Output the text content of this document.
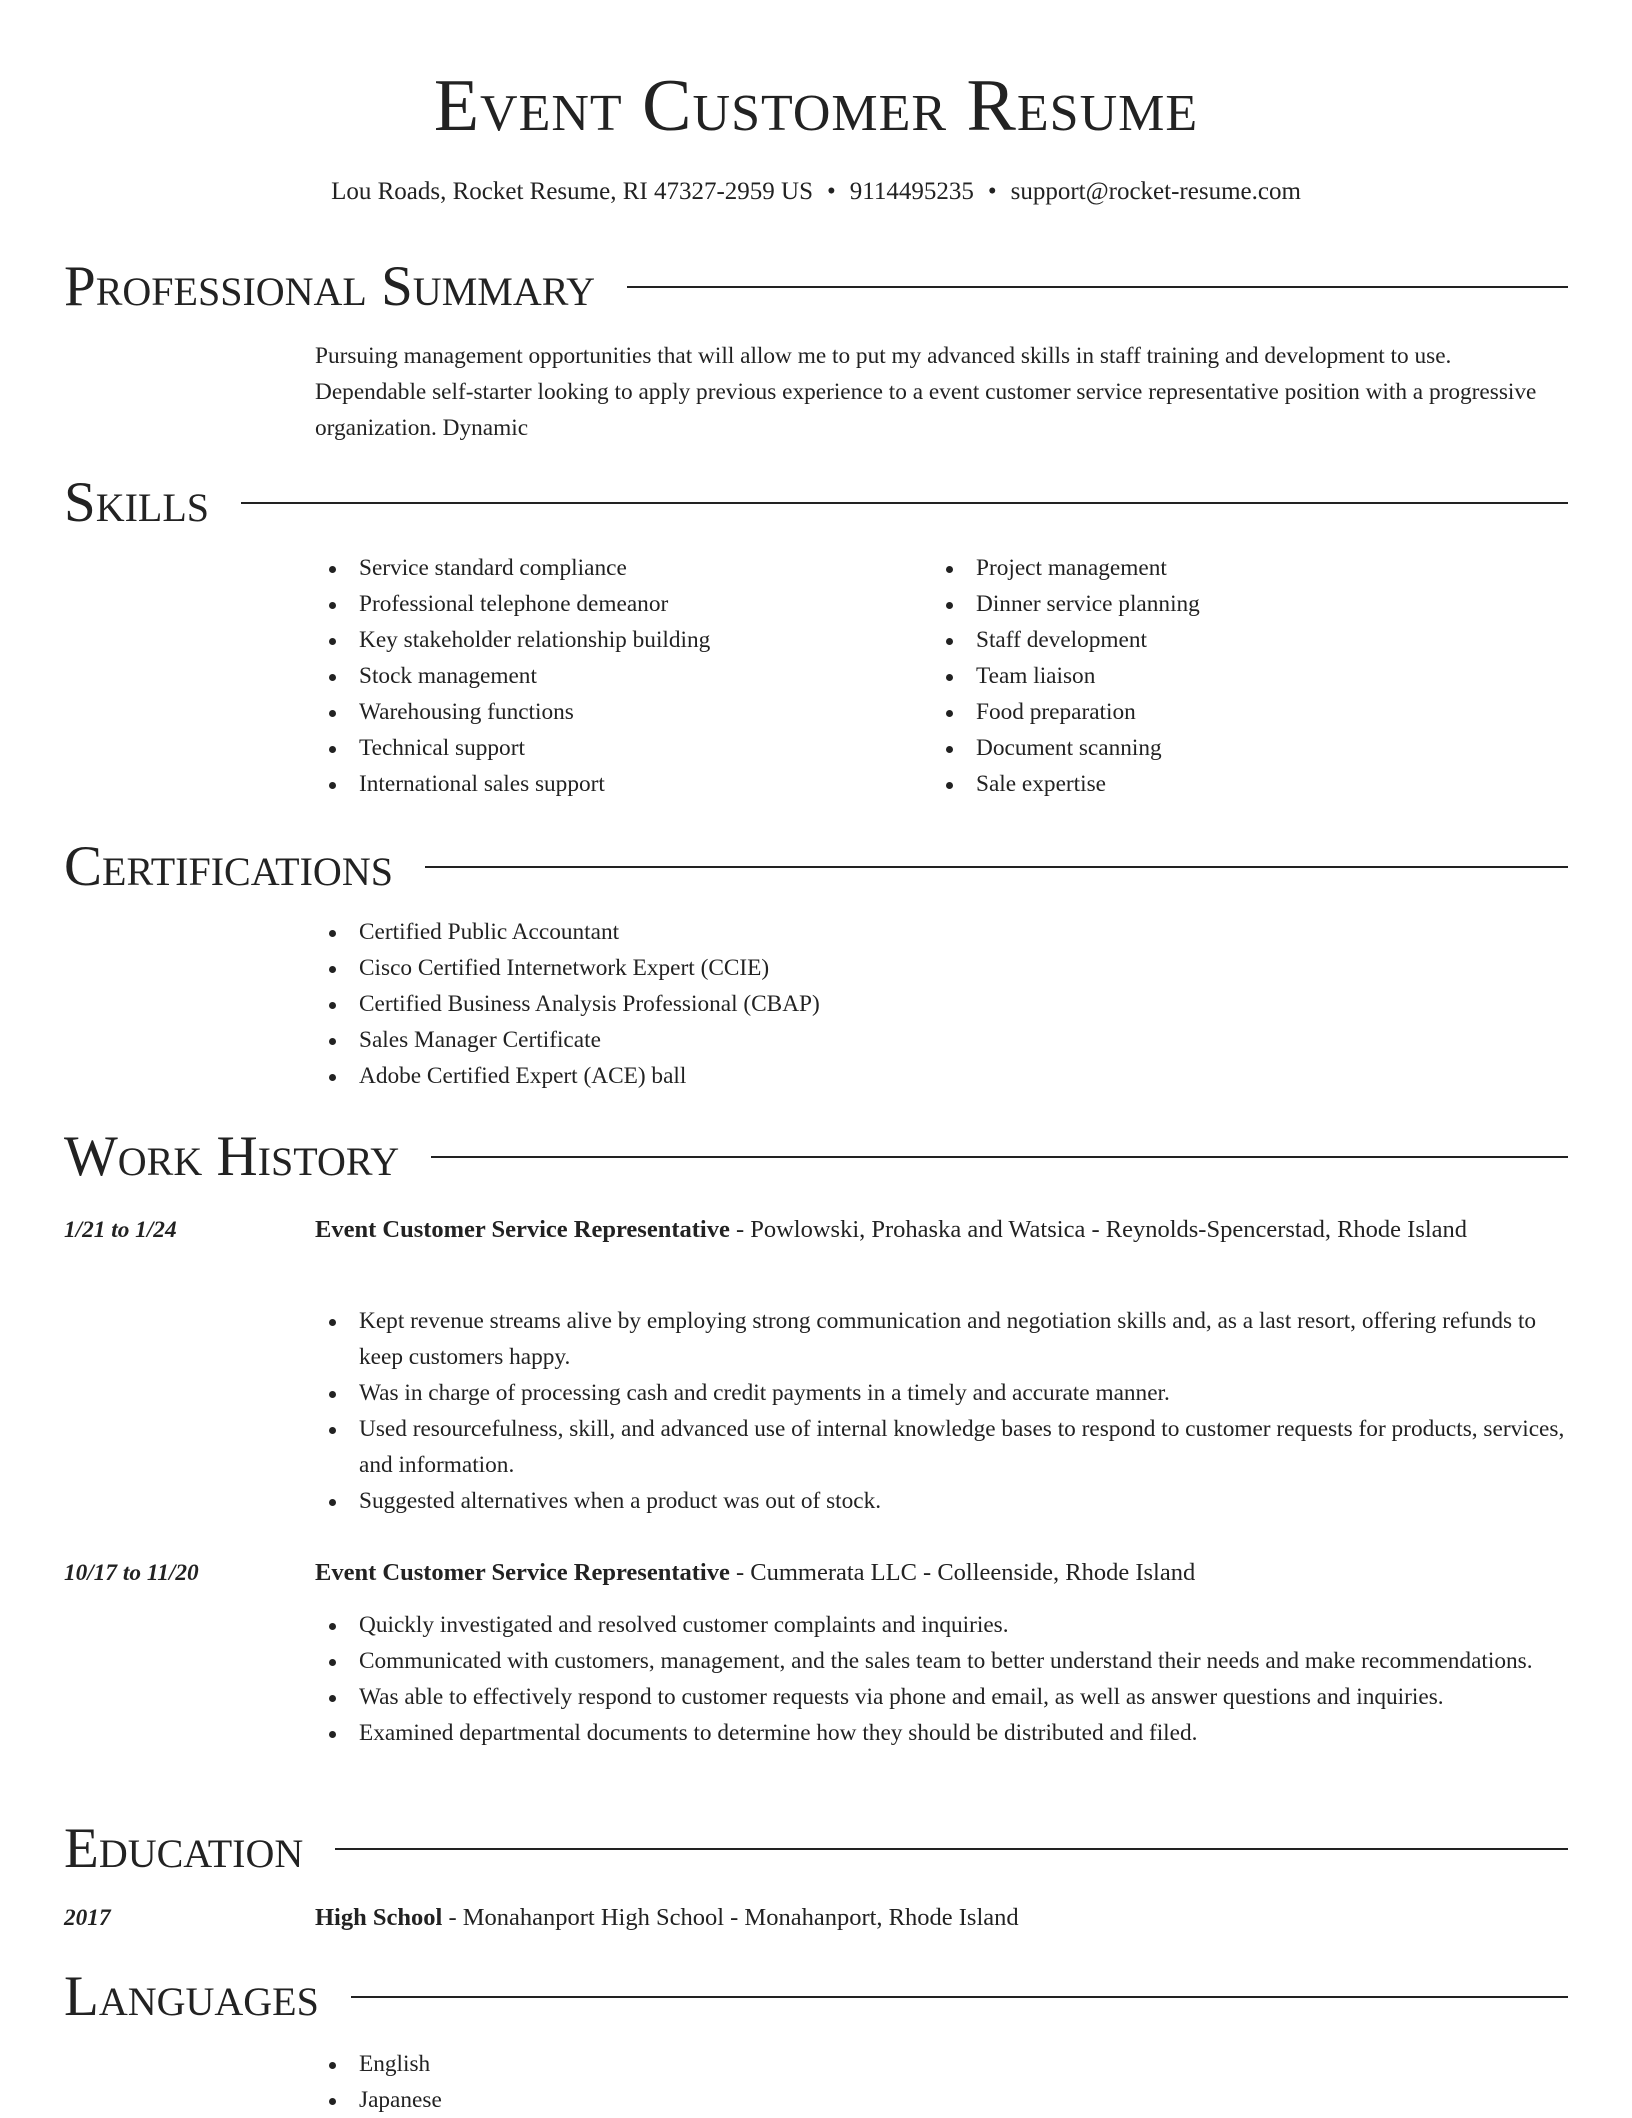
Event Customer Resume
Lou Roads, Rocket Resume, RI 47327-2959 US • 9114495235 • support@rocket-resume.com
Professional Summary

Pursuing management opportunities that will allow me to put my advanced skills in staff training and development to use. Dependable self-starter looking to apply previous experience to a event customer service representative position with a progressive organization. Dynamic

Skills
Service standard compliance
Professional telephone demeanor
Key stakeholder relationship building
Stock management
Warehousing functions
Technical support
International sales support
Project management
Dinner service planning
Staff development
Team liaison
Food preparation
Document scanning
Sale expertise
Certifications
Certified Public Accountant
Cisco Certified Internetwork Expert (CCIE)
Certified Business Analysis Professional (CBAP)
Sales Manager Certificate
Adobe Certified Expert (ACE) ball
Work History
1/21 to 1/24	Event Customer Service Representative - Powlowski, Prohaska and Watsica - Reynolds-Spencerstad, Rhode Island
Kept revenue streams alive by employing strong communication and negotiation skills and, as a last resort, offering refunds to keep customers happy.
Was in charge of processing cash and credit payments in a timely and accurate manner.
Used resourcefulness, skill, and advanced use of internal knowledge bases to respond to customer requests for products, services, and information.
Suggested alternatives when a product was out of stock.
10/17 to 11/20	Event Customer Service Representative - Cummerata LLC - Colleenside, Rhode Island
Quickly investigated and resolved customer complaints and inquiries.
Communicated with customers, management, and the sales team to better understand their needs and make recommendations.
Was able to effectively respond to customer requests via phone and email, as well as answer questions and inquiries.
Examined departmental documents to determine how they should be distributed and filed.
Education
2017	High School - Monahanport High School - Monahanport, Rhode Island
Languages
English
Japanese
